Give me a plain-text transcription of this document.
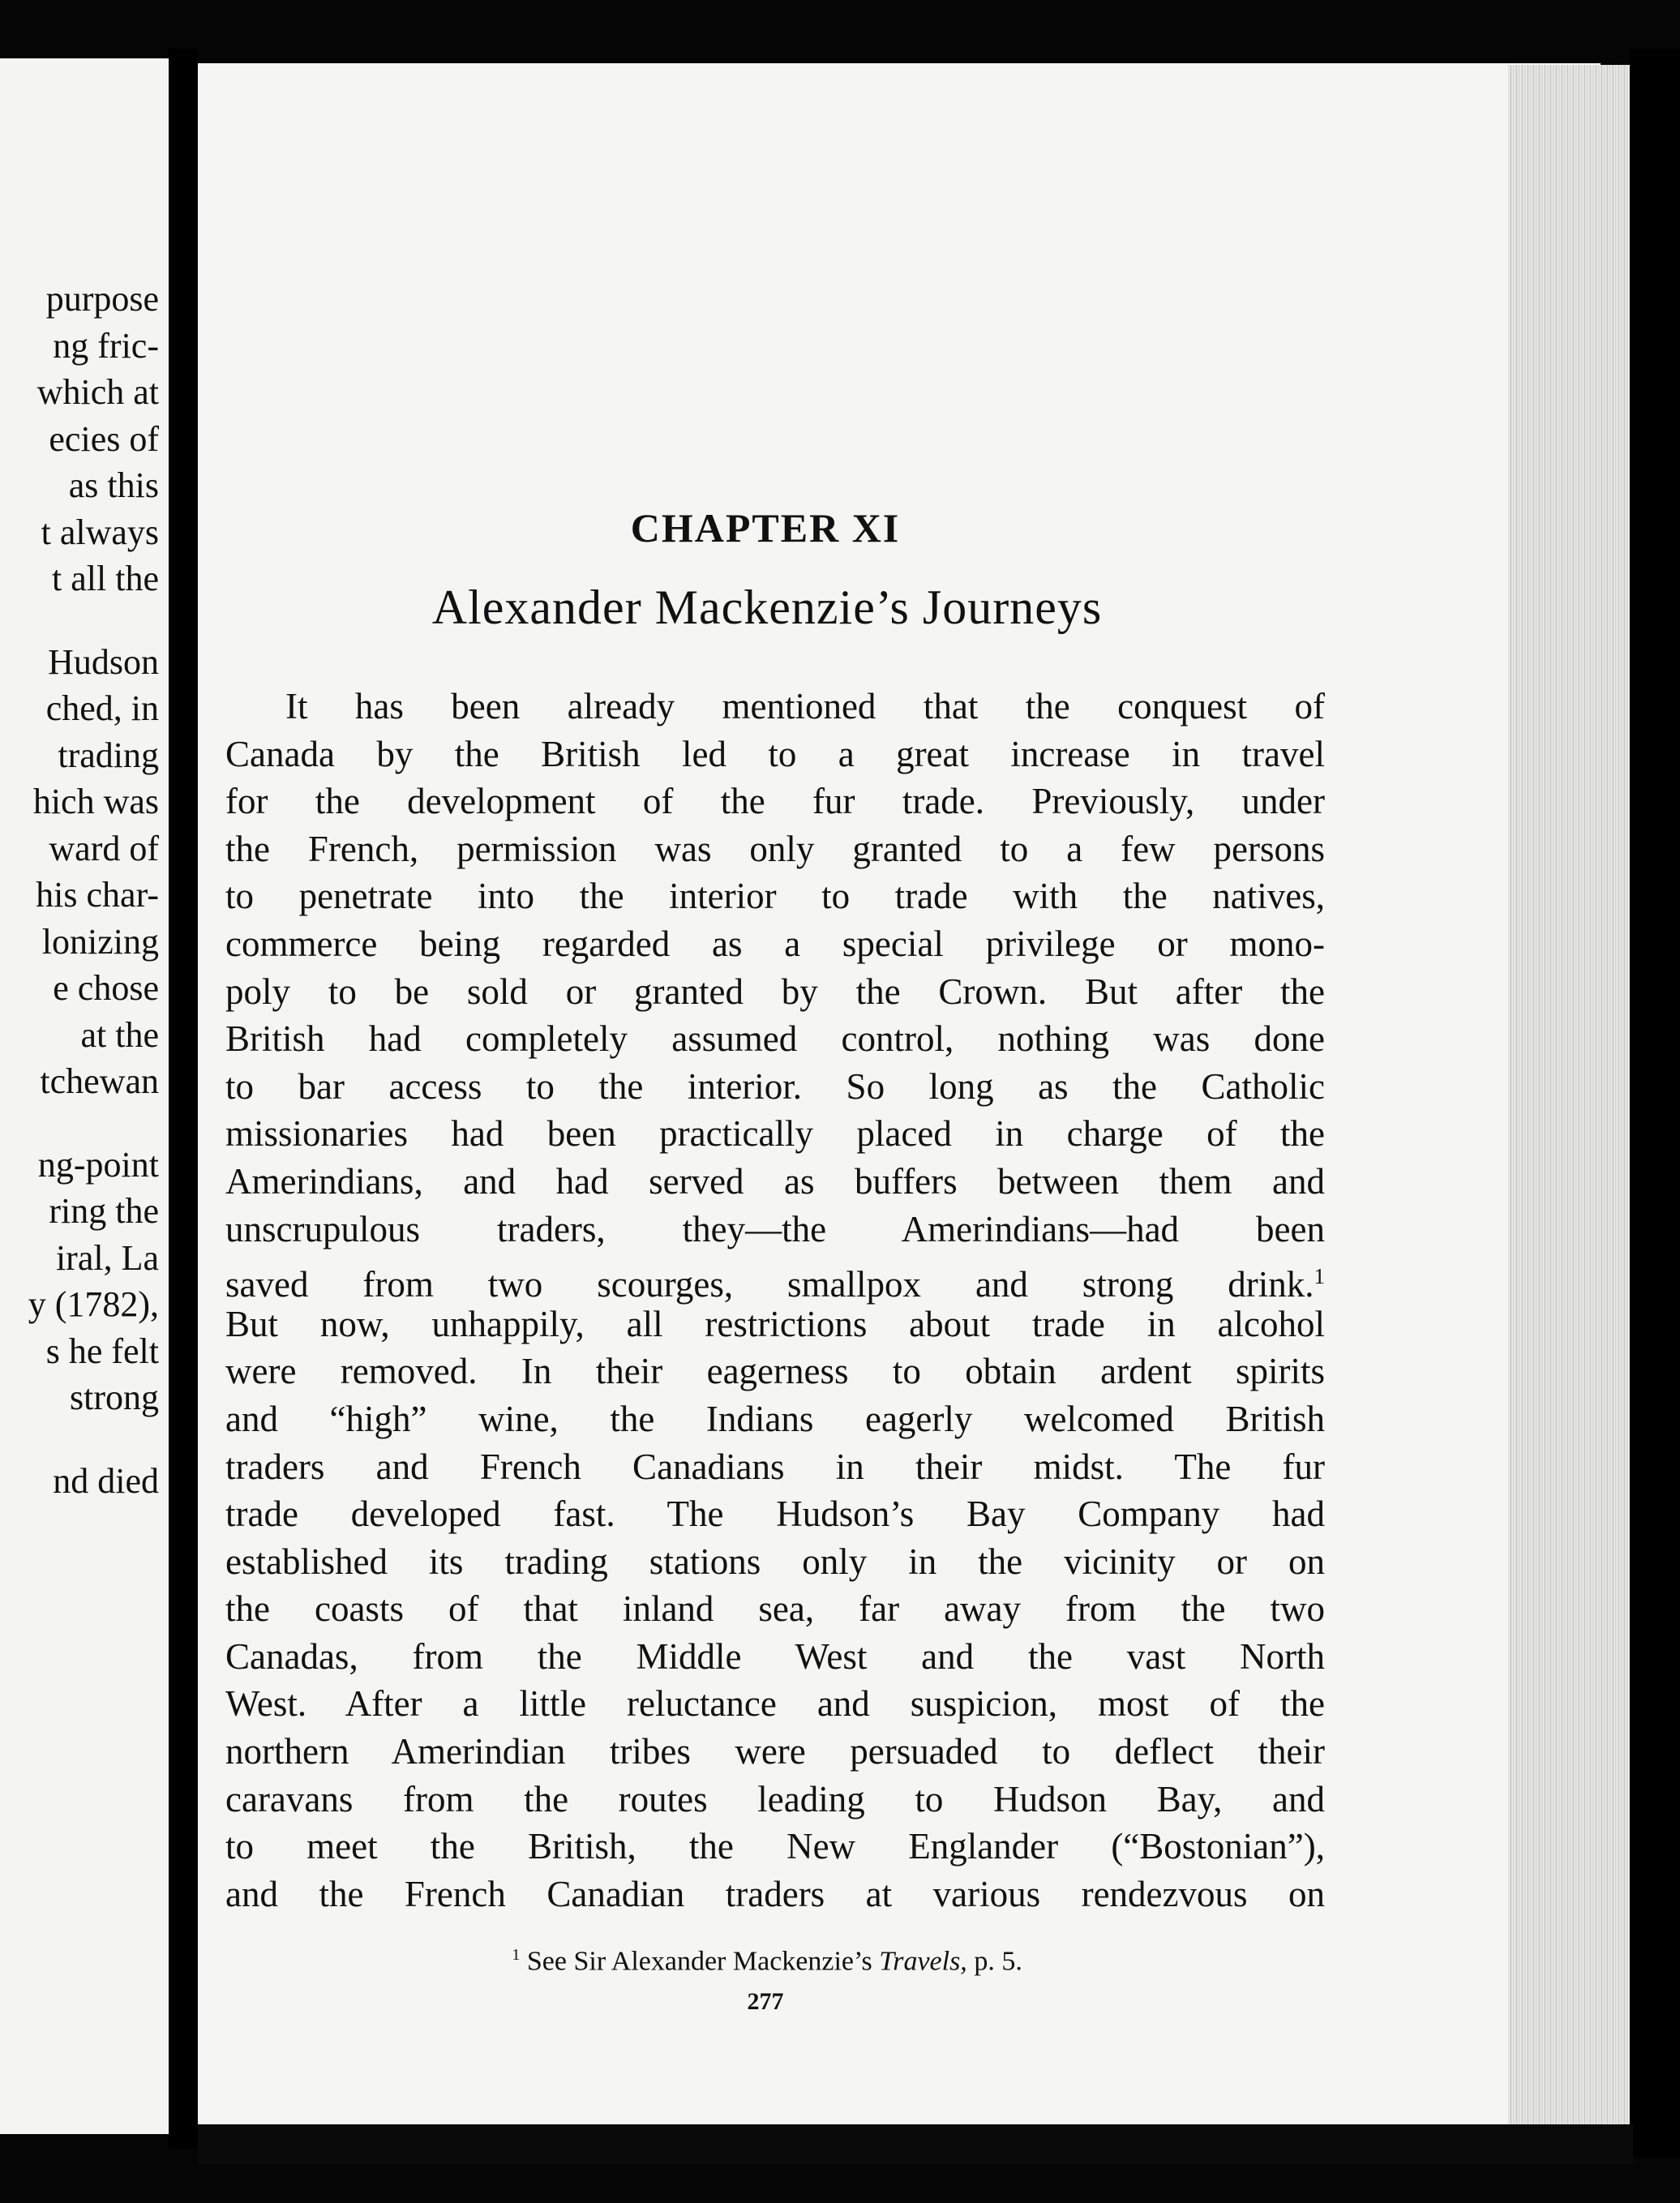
purpose
ng fric-
which at
ecies of
as this
t always
t all the
Hudson
ched, in
trading
hich was
ward of
his char-
lonizing
e chose
at the
tchewan
ng-point
ring the
iral, La
y (1782),
s he felt
strong
nd died
CHAPTER XI
Alexander Mackenzie’s Journeys
It has been already mentioned that the conquest of
Canada by the British led to a great increase in travel
for the development of the fur trade. Previously, under
the French, permission was only granted to a few persons
to penetrate into the interior to trade with the natives,
commerce being regarded as a special privilege or mono-
poly to be sold or granted by the Crown. But after the
British had completely assumed control, nothing was done
to bar access to the interior. So long as the Catholic
missionaries had been practically placed in charge of the
Amerindians, and had served as buffers between them and
unscrupulous traders, they—the Amerindians—had been
saved from two scourges, smallpox and strong drink.$^1$
But now, unhappily, all restrictions about trade in alcohol
were removed. In their eagerness to obtain ardent spirits
and “high” wine, the Indians eagerly welcomed British
traders and French Canadians in their midst. The fur
trade developed fast. The Hudson’s Bay Company had
established its trading stations only in the vicinity or on
the coasts of that inland sea, far away from the two
Canadas, from the Middle West and the vast North
West. After a little reluctance and suspicion, most of the
northern Amerindian tribes were persuaded to deflect their
caravans from the routes leading to Hudson Bay, and
to meet the British, the New Englander (“Bostonian”),
and the French Canadian traders at various rendezvous on

$^1$ See Sir Alexander Mackenzie’s Travels, p. 5.

277
